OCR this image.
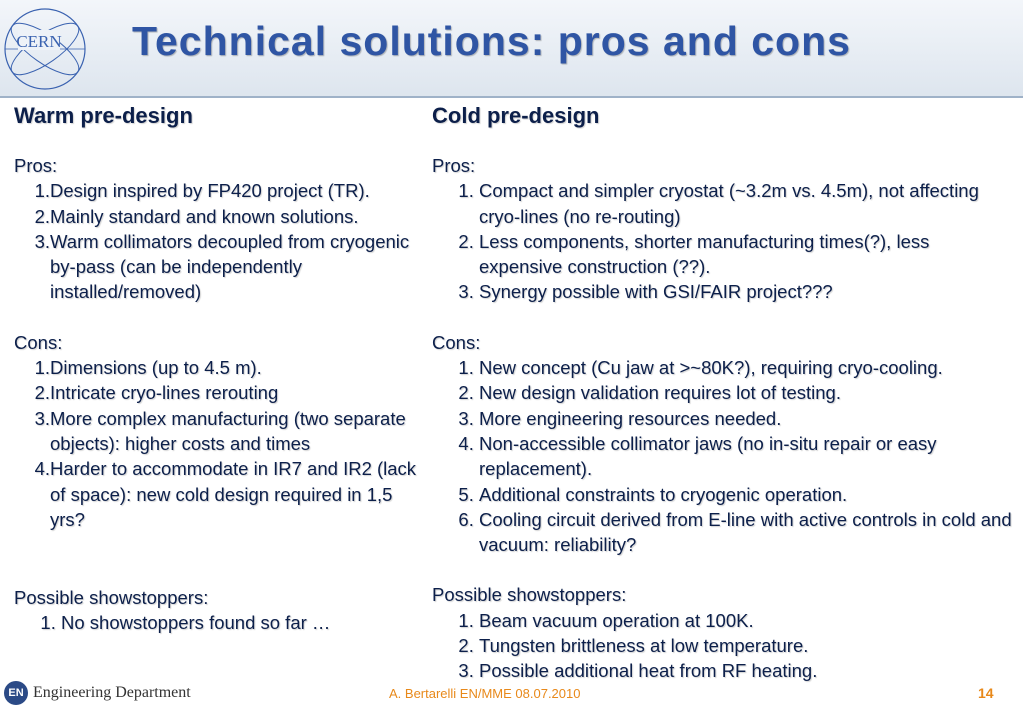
CERN Technical solutions: pros and cons
Warm pre-design
Pros:
1. Design inspired by FP420 project (TR).
2. Mainly standard and known solutions.
3. Warm collimators decoupled from cryogenic by-pass (can be independently installed/removed)
Cons:
1. Dimensions (up to 4.5 m).
2. Intricate cryo-lines rerouting
3. More complex manufacturing (two separate objects): higher costs and times
4. Harder to accommodate in IR7 and IR2 (lack of space): new cold design required in 1,5 yrs?
Possible showstoppers:
1. No showstoppers found so far …
Cold pre-design
Pros:
1. Compact and simpler cryostat (~3.2m vs. 4.5m), not affecting cryo-lines (no re-routing)
2. Less components, shorter manufacturing times(?), less expensive construction (??).
3. Synergy possible with GSI/FAIR project???
Cons:
1. New concept (Cu jaw at >~80K?), requiring cryo-cooling.
2. New design validation requires lot of testing.
3. More engineering resources needed.
4. Non-accessible collimator jaws (no in-situ repair or easy replacement).
5. Additional constraints to cryogenic operation.
6. Cooling circuit derived from E-line with active controls in cold and vacuum: reliability?
Possible showstoppers:
1. Beam vacuum operation at 100K.
2. Tungsten brittleness at low temperature.
3. Possible additional heat from RF heating.
EN Engineering Department	A. Bertarelli EN/MME 08.07.2010	14
